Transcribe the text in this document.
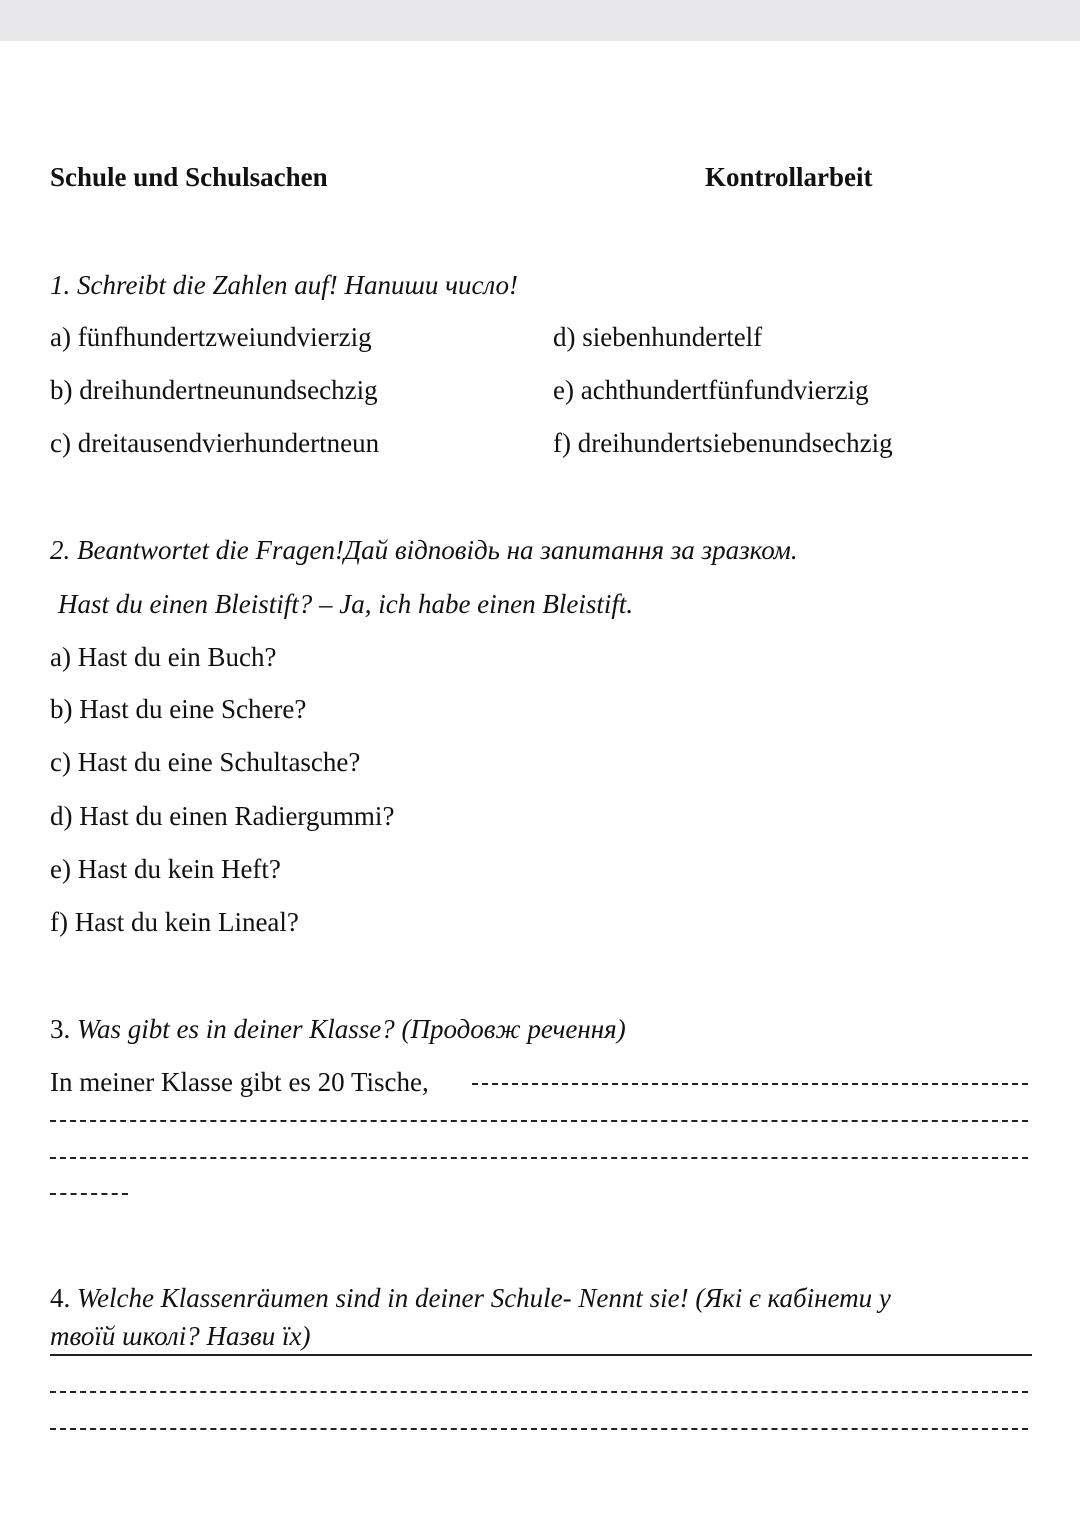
Schule und Schulsachen	Kontrollarbeit
1. Schreibt die Zahlen auf! Напиши число!
a) fünfhundertzweiundvierzig
b) dreihundertneunundsechzig
c) dreitausendvierhundertneun
d) siebenhundertelf
e) achthundertfünfundvierzig
f) dreihundertsiebenundsechzig
2. Beantwortet die Fragen!Дай відповідь на запитання за зразком.
Hast du einen Bleistift? – Ja, ich habe einen Bleistift.
a) Hast du ein Buch?
b) Hast du eine Schere?
c) Hast du eine Schultasche?
d) Hast du einen Radiergummi?
e) Hast du kein Heft?
f) Hast du kein Lineal?
3. Was gibt es in deiner Klasse? (Продовж речення)
In meiner Klasse gibt es 20 Tische,
4. Welche Klassenräumen sind in deiner Schule- Nennt sie! (Які є кабінети у
твоїй школі? Назви їх)
